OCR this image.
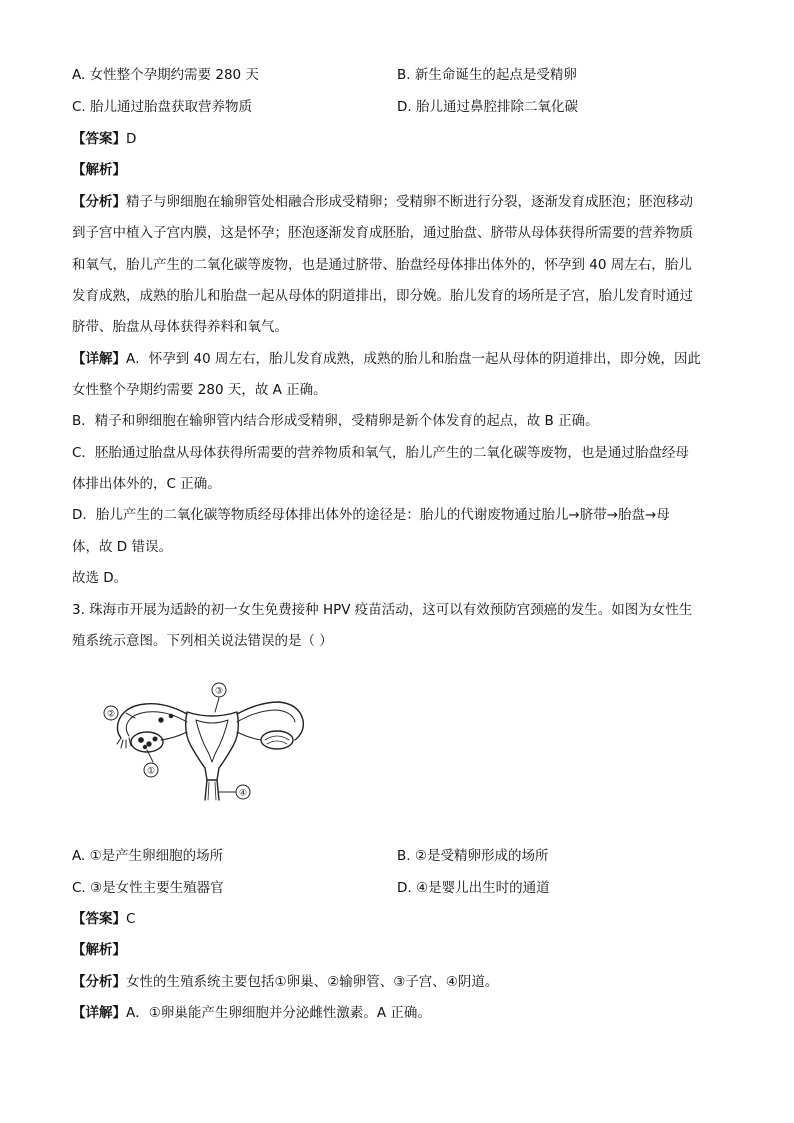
A. 女性整个孕期约需要 280 天	B. 新生命诞生的起点是受精卵
C. 胎儿通过胎盘获取营养物质	D. 胎儿通过鼻腔排除二氧化碳
【答案】D
【解析】
【分析】精子与卵细胞在输卵管处相融合形成受精卵；受精卵不断进行分裂，逐渐发育成胚泡；胚泡移动
到子宫中植入子宫内膜，这是怀孕；胚泡逐渐发育成胚胎，通过胎盘、脐带从母体获得所需要的营养物质
和氧气，胎儿产生的二氧化碳等废物，也是通过脐带、胎盘经母体排出体外的，怀孕到 40 周左右，胎儿
发育成熟，成熟的胎儿和胎盘一起从母体的阴道排出，即分娩。胎儿发育的场所是子宫，胎儿发育时通过
脐带、胎盘从母体获得养料和氧气。
【详解】A．怀孕到 40 周左右，胎儿发育成熟，成熟的胎儿和胎盘一起从母体的阴道排出，即分娩，因此
女性整个孕期约需要 280 天，故 A 正确。
B．精子和卵细胞在输卵管内结合形成受精卵，受精卵是新个体发育的起点，故 B 正确。
C．胚胎通过胎盘从母体获得所需要的营养物质和氧气，胎儿产生的二氧化碳等废物，也是通过胎盘经母
体排出体外的，C 正确。
D．胎儿产生的二氧化碳等物质经母体排出体外的途径是：胎儿的代谢废物通过胎儿→脐带→胎盘→母
体，故 D 错误。
故选 D。
3. 珠海市开展为适龄的初一女生免费接种 HPV 疫苗活动，这可以有效预防宫颈癌的发生。如图为女性生
殖系统示意图。下列相关说法错误的是（ ）
③
②
①
④
A. ①是产生卵细胞的场所	B. ②是受精卵形成的场所
C. ③是女性主要生殖器官	D. ④是婴儿出生时的通道
【答案】C
【解析】
【分析】女性的生殖系统主要包括①卵巢、②输卵管、③子宫、④阴道。
【详解】A．①卵巢能产生卵细胞并分泌雌性激素。A 正确。
